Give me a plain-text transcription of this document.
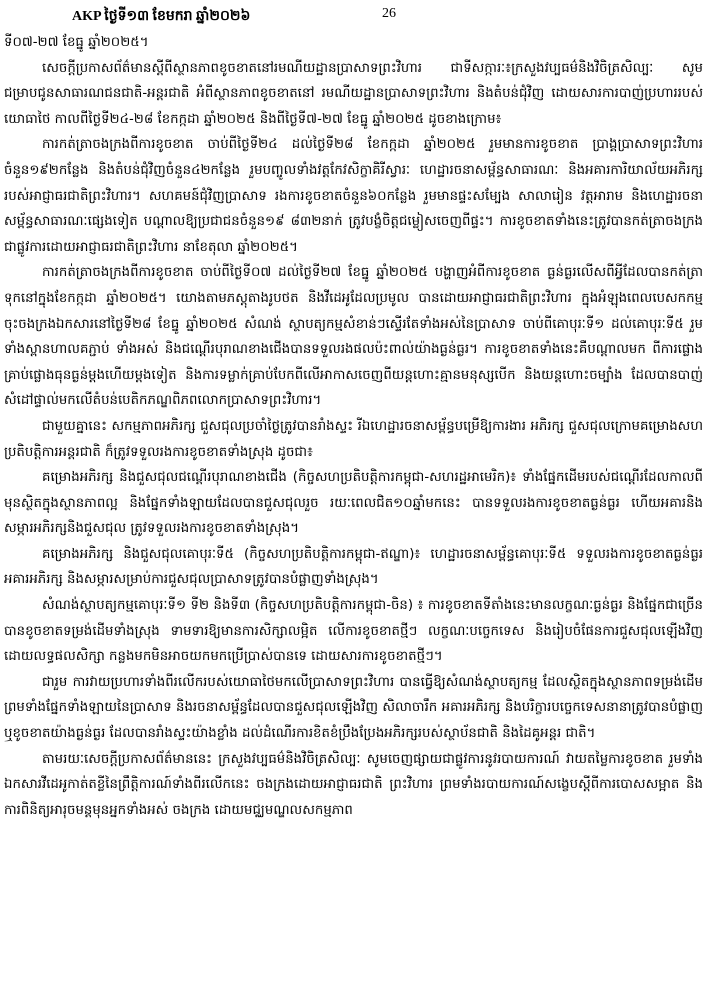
AKP ថ្ងៃទី១៣ ខែមករា ឆ្នាំ២០២៦	26

ទី០៧-២៧ ខែធ្នូ ឆ្នាំ២០២៥។

សេចក្តីប្រកាសព័ត៌មានស្តីពីស្ថានភាពខូចខាតនៅរមណីយដ្ឋានប្រាសាទព្រះវិហារ ជាទីសក្ការៈ៖ក្រសួងវប្បធម៌និងវិចិត្រសិល្បៈ សូមជម្រាបជូនសាធារណជនជាតិ-អន្តរជាតិ អំពីស្ថានភាពខូចខាតនៅ រមណីយដ្ឋានប្រាសាទព្រះវិហារ និងតំបន់ជុំវិញ ដោយសារការបាញ់ប្រហាររបស់យោធាថៃ កាលពីថ្ងៃទី២៤-២៨ ខែកក្កដា ឆ្នាំ២០២៥ និងពីថ្ងៃទី៧-២៧ ខែធ្នូ ឆ្នាំ២០២៥ ដូចខាងក្រោម៖

ការកត់ត្រាចងក្រងពីការខូចខាត ចាប់ពីថ្ងៃទី២៤ ដល់ថ្ងៃទី២៨ ខែកក្កដា ឆ្នាំ២០២៥ រួមមានការខូចខាត ប្រាង្គប្រាសាទព្រះវិហារ ចំនួន១៩២កន្លែង និងតំបន់ជុំវិញចំនួន៤២កន្លែង រួមបញ្ចូលទាំងវត្តកែវសិក្ខាគិរីស្វារៈ ហេដ្ឋារចនាសម្ព័ន្ធសាធារណៈ និងអគារការិយាល័យអភិរក្សរបស់អាជ្ញាធរជាតិព្រះវិហារ។ សហគមន៍ជុំវិញប្រាសាទ រងការខូចខាតចំនួន៦០កន្លែង រួមមានផ្ទះសម្បែង សាលារៀន វត្តអារាម និងហេដ្ឋារចនាសម្ព័ន្ធសាធារណៈផ្សេងទៀត បណ្តាលឱ្យប្រជាជនចំនួន១៩ ៨៣២នាក់ ត្រូវបង្ខំចិត្តជម្លៀសចេញពីផ្ទះ។ ការខូចខាតទាំងនេះត្រូវបានកត់ត្រាចងក្រង ជាផ្លូវការដោយអាជ្ញាធរជាតិព្រះវិហារ នាខែតុលា ឆ្នាំ២០២៥។

ការកត់ត្រាចងក្រងពីការខូចខាត ចាប់ពីថ្ងៃទី០៧ ដល់ថ្ងៃទី២៧ ខែធ្នូ ឆ្នាំ២០២៥ បង្ហាញអំពីការខូចខាត ធ្ងន់ធ្ងរលើសពីអ្វីដែលបានកត់ត្រាទុកនៅក្នុងខែកក្កដា ឆ្នាំ២០២៥។ យោងតាមភស្តុតាងរូបថត និងវីដេអូដែលប្រមូល បានដោយអាជ្ញាធរជាតិព្រះវិហារ ក្នុងអំឡុងពេលបេសកកម្មចុះចងក្រងឯកសារនៅថ្ងៃទី២៨ ខែធ្នូ ឆ្នាំ២០២៥ សំណង់ ស្ថាបត្យកម្មសំខាន់ៗស្ទើរតែទាំងអស់នៃប្រាសាទ ចាប់ពីគោបុរៈទី១ ដល់គោបុរៈទី៥ រួមទាំងស្ពានហាលគភ្ជាប់ ទាំងអស់ និងជណ្តើរបុរាណខាងជើងបានទទួលរងផលប៉ះពាល់យ៉ាងធ្ងន់ធ្ងរ។ ការខូចខាតទាំងនេះគឺបណ្តាលមក ពីការផ្លោងគ្រាប់ផ្លោងធុនធ្ងន់ម្តងហើយម្តងទៀត និងការទម្លាក់គ្រាប់បែកពីលើអាកាសចេញពីយន្តហោះគ្មានមនុស្សបើក និងយន្តហោះចម្បាំង ដែលបានបាញ់សំដៅផ្ទាល់មកលើតំបន់បេតិកភណ្ឌពិភពលោកប្រាសាទព្រះវិហារ។

ជាមួយគ្នានេះ សកម្មភាពអភិរក្ស ជួសជុលប្រចាំថ្ងៃត្រូវបានរាំងស្ទះ រីឯហេដ្ឋារចនាសម្ព័ន្ធបម្រើឱ្យការងារ អភិរក្ស ជួសជុលក្រោមគម្រោងសហប្រតិបត្តិការអន្តរជាតិ ក៏ត្រូវទទួលរងការខូចខាតទាំងស្រុង ដូចជា៖

គម្រោងអភិរក្ស និងជួសជុលជណ្តើរបុរាណខាងជើង (កិច្ចសហប្រតិបត្តិការកម្ពុជា-សហរដ្ឋអាមេរិក)៖ ទាំងផ្នែកដើមរបស់ជណ្តើរដែលកាលពីមុនស្ថិតក្នុងស្ថានភាពល្អ និងផ្នែកទាំងឡាយដែលបានជួសជុលរួច រយៈពេលជិត១០ឆ្នាំមកនេះ បានទទួលរងការខូចខាតធ្ងន់ធ្ងរ ហើយអគារនិងសម្ភារអភិរក្សនិងជួសជុល ត្រូវទទួលរងការខូចខាតទាំងស្រុង។

គម្រោងអភិរក្ស និងជួសជុលគោបុរៈទី៥ (កិច្ចសហប្រតិបត្តិការកម្ពុជា-ឥណ្ឌា)៖ ហេដ្ឋារចនាសម្ព័ន្ធគោបុរៈទី៥ ទទួលរងការខូចខាតធ្ងន់ធ្ងរ អគារអភិរក្ស និងសម្ភារសម្រាប់ការជួសជុលប្រាសាទត្រូវបានបំផ្លាញទាំងស្រុង។

សំណង់ស្ថាបត្យកម្មគោបុរៈទី១ ទី២ និងទី៣ (កិច្ចសហប្រតិបត្តិការកម្ពុជា-ចិន) ៖ ការខូចខាតទីតាំងនេះមានលក្ខណៈធ្ងន់ធ្ងរ និងផ្នែកជាច្រើនបានខូចខាតទម្រង់ដើមទាំងស្រុង ទាមទារឱ្យមានការសិក្សាលម្អិត លើការខូចខាតថ្មីៗ លក្ខណៈបច្ចេកទេស និងរៀបចំផែនការជួសជុលឡើងវិញ ដោយលទ្ធផលសិក្សា កន្លងមកមិនអាចយកមកប្រើប្រាស់បានទេ ដោយសារការខូចខាតថ្មីៗ។

ជារួម ការវាយប្រហារទាំងពីរលើករបស់យោធាថៃមកលើប្រាសាទព្រះវិហារ បានធ្វើឱ្យសំណង់ស្ថាបត្យកម្ម ដែលស្ថិតក្នុងស្ថានភាពទម្រង់ដើម ព្រមទាំងផ្នែកទាំងឡាយនៃប្រាសាទ និងរចនាសម្ព័ន្ធដែលបានជួសជុលឡើងវិញ សិលាចារឹក អគារអភិរក្ស និងបរិក្ខារបច្ចេកទេសនានាត្រូវបានបំផ្លាញ ឬខូចខាតយ៉ាងធ្ងន់ធ្ងរ ដែលបានរាំងស្ទះយ៉ាងខ្លាំង ដល់ដំណើរការខិតខំប្រឹងប្រែងអភិរក្សរបស់ស្ថាប័នជាតិ និងដៃគូអន្តរ ជាតិ។

តាមរយៈសេចក្តីប្រកាសព័ត៌មាននេះ ក្រសួងវប្បធម៌និងវិចិត្រសិល្បៈ សូមចេញផ្សាយជាផ្លូវការនូវរបាយការណ៍ វាយតម្លៃការខូចខាត រួមទាំងឯកសារវីដេអូកាត់តខ្លីនៃព្រឹត្តិការណ៍ទាំងពីរលើកនេះ ចងក្រងដោយអាជ្ញាធរជាតិ ព្រះវិហារ ព្រមទាំងរបាយការណ៍សង្ខេបស្តីពីការបោសសម្អាត និងការពិនិត្យអារុចមន្តមុនអ្នកទាំងអស់ ចងក្រង ដោយមជ្ឈមណ្ឌលសកម្មភាព
